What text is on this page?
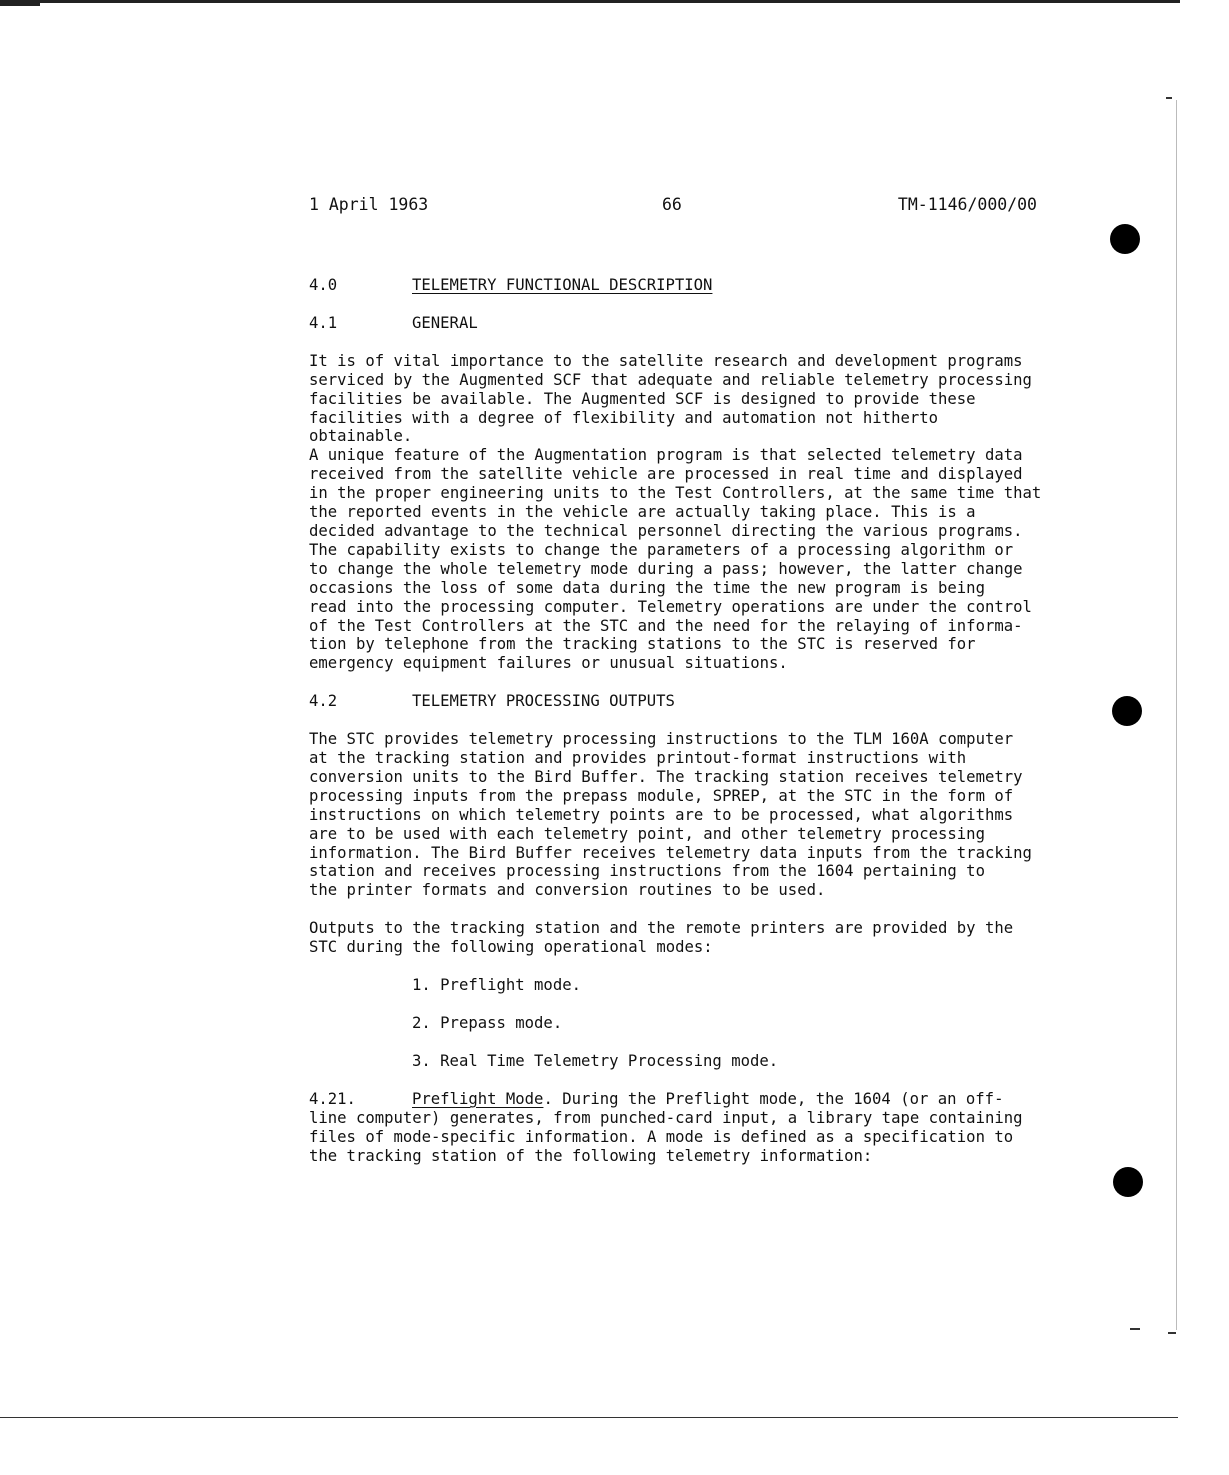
1 April 1963	66	TM-1146/000/00
4.0	TELEMETRY FUNCTIONAL DESCRIPTION
4.1	GENERAL

It is of vital importance to the satellite research and development programs
serviced by the Augmented SCF that adequate and reliable telemetry processing
facilities be available. The Augmented SCF is designed to provide these
facilities with a degree of flexibility and automation not hitherto obtainable.
A unique feature of the Augmentation program is that selected telemetry data
received from the satellite vehicle are processed in real time and displayed
in the proper engineering units to the Test Controllers, at the same time that
the reported events in the vehicle are actually taking place. This is a
decided advantage to the technical personnel directing the various programs.
The capability exists to change the parameters of a processing algorithm or
to change the whole telemetry mode during a pass; however, the latter change
occasions the loss of some data during the time the new program is being
read into the processing computer. Telemetry operations are under the control
of the Test Controllers at the STC and the need for the relaying of informa-
tion by telephone from the tracking stations to the STC is reserved for
emergency equipment failures or unusual situations.

4.2	TELEMETRY PROCESSING OUTPUTS

The STC provides telemetry processing instructions to the TLM 160A computer
at the tracking station and provides printout-format instructions with
conversion units to the Bird Buffer. The tracking station receives telemetry
processing inputs from the prepass module, SPREP, at the STC in the form of
instructions on which telemetry points are to be processed, what algorithms
are to be used with each telemetry point, and other telemetry processing
information. The Bird Buffer receives telemetry data inputs from the tracking
station and receives processing instructions from the 1604 pertaining to
the printer formats and conversion routines to be used.

Outputs to the tracking station and the remote printers are provided by the
STC during the following operational modes:

1. Preflight mode.
2. Prepass mode.
3. Real Time Telemetry Processing mode.
4.21.	Preflight Mode. During the Preflight mode, the 1604 (or an off-

line computer) generates, from punched-card input, a library tape containing
files of mode-specific information. A mode is defined as a specification to
the tracking station of the following telemetry information:
